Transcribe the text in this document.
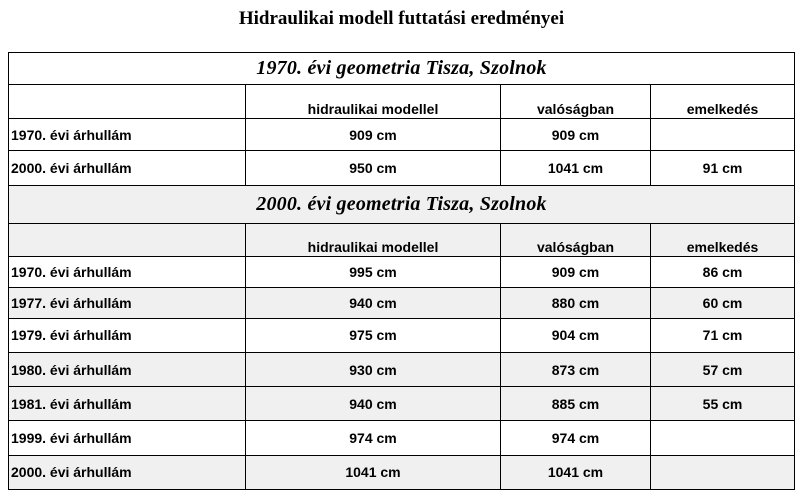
Hidraulikai modell futtatási eredményei
1970. évi geometria Tisza, Szolnok			
	hidraulikai modellel	valóságban	emelkedés
1970. évi árhullám	909 cm	909 cm	
2000. évi árhullám	950 cm	1041 cm	91 cm
2000. évi geometria Tisza, Szolnok			
	hidraulikai modellel	valóságban	emelkedés
1970. évi árhullám	995 cm	909 cm	86 cm
1977. évi árhullám	940 cm	880 cm	60 cm
1979. évi árhullám	975 cm	904 cm	71 cm
1980. évi árhullám	930 cm	873 cm	57 cm
1981. évi árhullám	940 cm	885 cm	55 cm
1999. évi árhullám	974 cm	974 cm	
2000. évi árhullám	1041 cm	1041 cm	
